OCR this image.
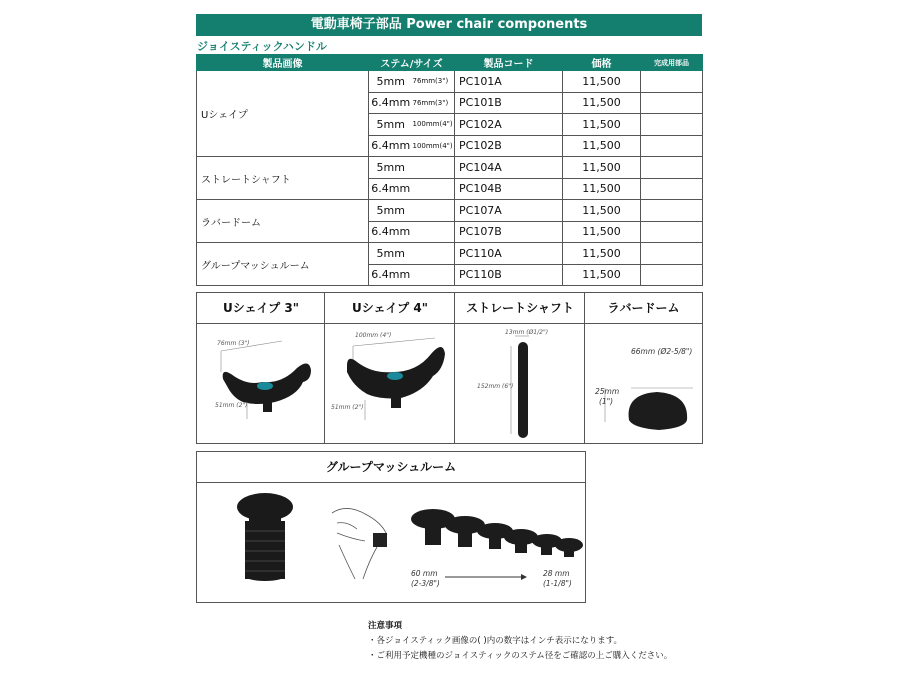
電動車椅子部品 Power chair components
ジョイスティックハンドル
製品画像	ステム/サイズ		製品コード	価格	完成用部品
Uシェイプ	5mm	76mm(3")	PC101A	11,500	
	6.4mm	76mm(3")	PC101B	11,500	
	5mm	100mm(4")	PC102A	11,500	
	6.4mm	100mm(4")	PC102B	11,500	
ストレートシャフト	5mm		PC104A	11,500	
	6.4mm		PC104B	11,500	
ラバードーム	5mm		PC107A	11,500	
	6.4mm		PC107B	11,500	
グループマッシュルーム	5mm		PC110A	11,500	
	6.4mm		PC110B	11,500	
Uシェイプ 3"
76mm (3")
51mm (2")
Uシェイプ 4"
100mm (4")
51mm (2")
ストレートシャフト
13mm (Ø1/2")
152mm (6")
ラバードーム
66mm (Ø2-5/8")
25mm
(1")
グループマッシュルーム
60 mm
(2-3/8")
28 mm
(1-1/8")
注意事項
・各ジョイスティック画像の( )内の数字はインチ表示になります。
・ご利用予定機種のジョイスティックのステム径をご確認の上ご購入ください。
